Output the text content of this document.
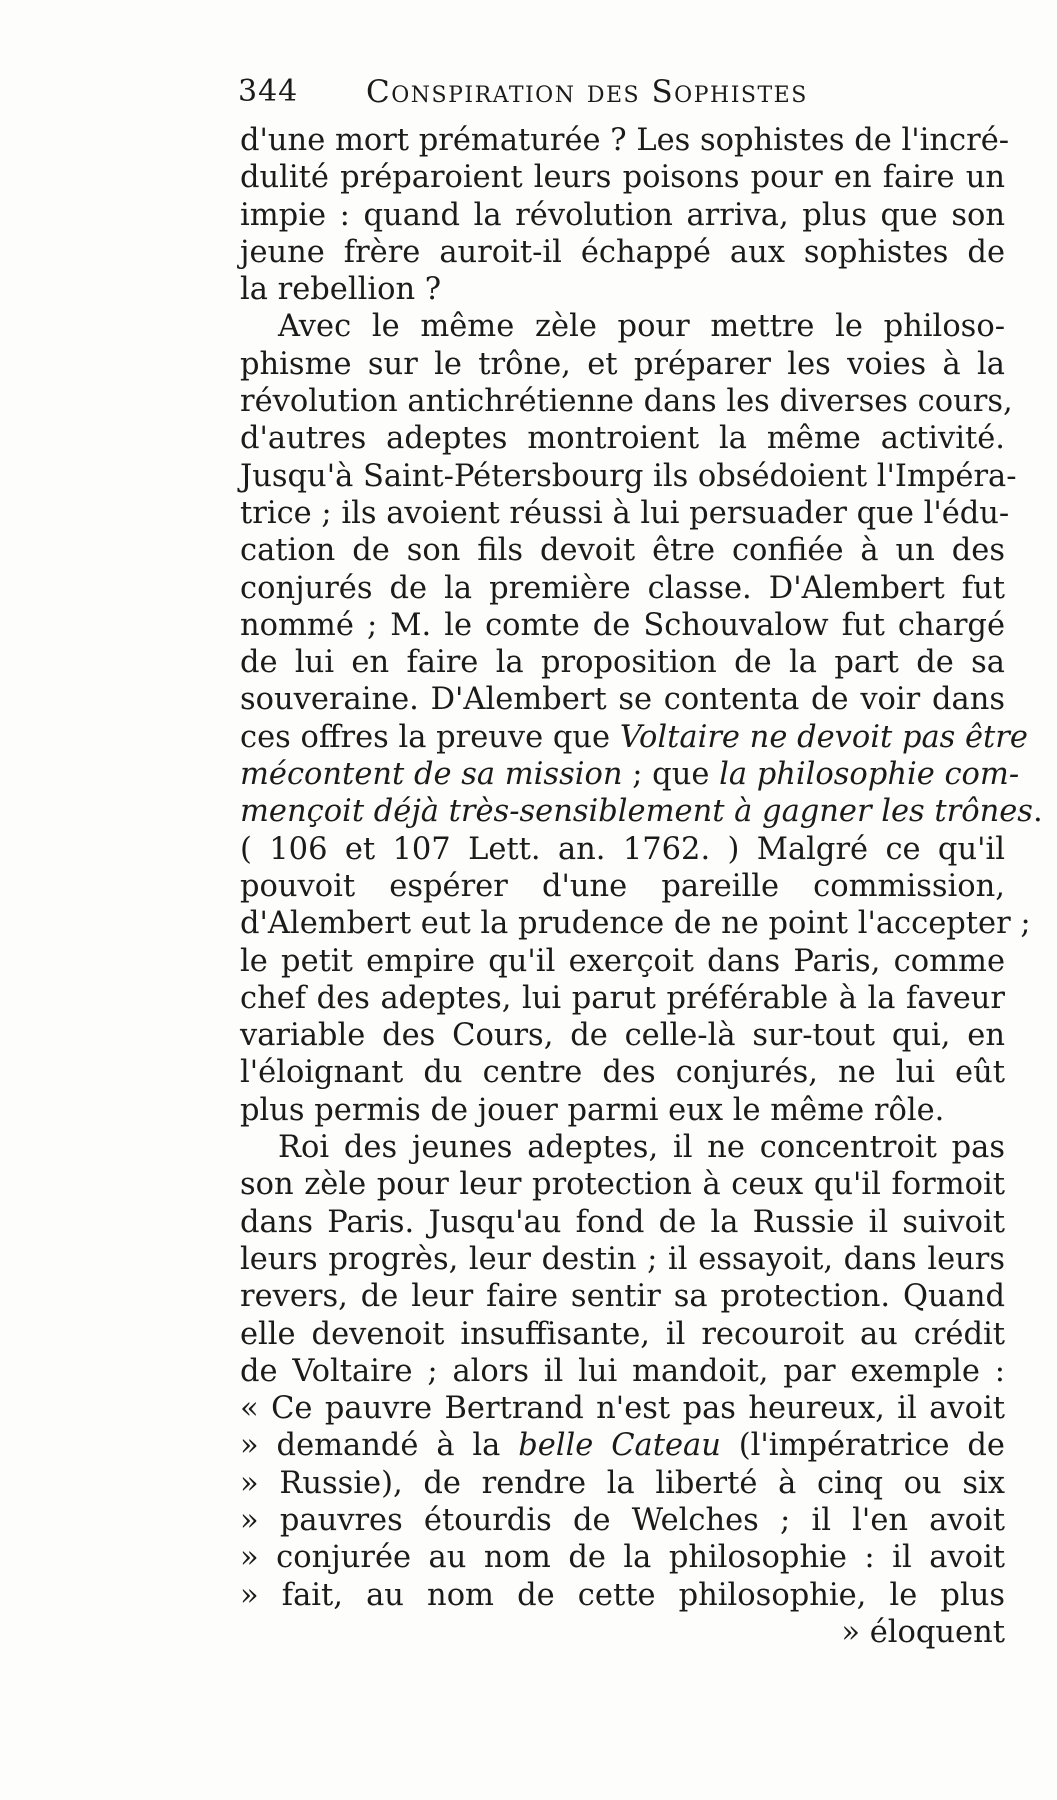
344 Conspiration des Sophistes
d'une mort prématurée ? Les sophistes de l'incré-
dulité préparoient leurs poisons pour en faire un
impie : quand la révolution arriva, plus que son
jeune frère auroit-il échappé aux sophistes de
la rebellion ?
Avec le même zèle pour mettre le philoso-
phisme sur le trône, et préparer les voies à la
révolution antichrétienne dans les diverses cours,
d'autres adeptes montroient la même activité.
Jusqu'à Saint-Pétersbourg ils obsédoient l'Impéra-
trice ; ils avoient réussi à lui persuader que l'édu-
cation de son fils devoit être confiée à un des
conjurés de la première classe. D'Alembert fut
nommé ; M. le comte de Schouvalow fut chargé
de lui en faire la proposition de la part de sa
souveraine. D'Alembert se contenta de voir dans
ces offres la preuve que Voltaire ne devoit pas être
mécontent de sa mission ; que la philosophie com-
mençoit déjà très-sensiblement à gagner les trônes.
( 106 et 107 Lett. an. 1762. ) Malgré ce qu'il
pouvoit espérer d'une pareille commission,
d'Alembert eut la prudence de ne point l'accepter ;
le petit empire qu'il exerçoit dans Paris, comme
chef des adeptes, lui parut préférable à la faveur
variable des Cours, de celle-là sur-tout qui, en
l'éloignant du centre des conjurés, ne lui eût
plus permis de jouer parmi eux le même rôle.
Roi des jeunes adeptes, il ne concentroit pas
son zèle pour leur protection à ceux qu'il formoit
dans Paris. Jusqu'au fond de la Russie il suivoit
leurs progrès, leur destin ; il essayoit, dans leurs
revers, de leur faire sentir sa protection. Quand
elle devenoit insuffisante, il recouroit au crédit
de Voltaire ; alors il lui mandoit, par exemple :
« Ce pauvre Bertrand n'est pas heureux, il avoit
» demandé à la belle Cateau (l'impératrice de
» Russie), de rendre la liberté à cinq ou six
» pauvres étourdis de Welches ; il l'en avoit
» conjurée au nom de la philosophie : il avoit
» fait, au nom de cette philosophie, le plus
» éloquent
